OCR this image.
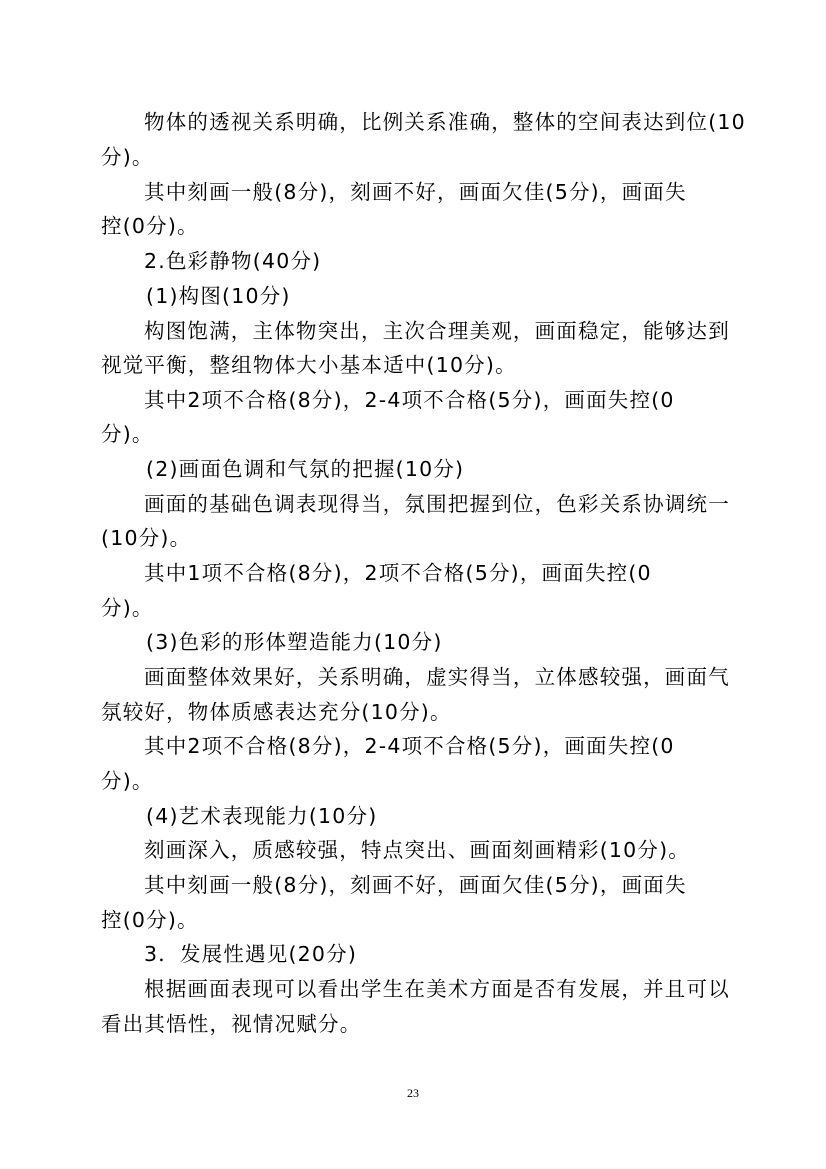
物体的透视关系明确，比例关系准确，整体的空间表达到位(10
分)。
其中刻画一般(8分)，刻画不好，画面欠佳(5分)，画面失
控(0分)。
2.色彩静物(40分)
(1)构图(10分)
构图饱满，主体物突出，主次合理美观，画面稳定，能够达到
视觉平衡，整组物体大小基本适中(10分)。
其中2项不合格(8分)，2-4项不合格(5分)，画面失控(0
分)。
(2)画面色调和气氛的把握(10分)
画面的基础色调表现得当，氛围把握到位，色彩关系协调统一
(10分)。
其中1项不合格(8分)，2项不合格(5分)，画面失控(0
分)。
(3)色彩的形体塑造能力(10分)
画面整体效果好，关系明确，虚实得当，立体感较强，画面气
氛较好，物体质感表达充分(10分)。
其中2项不合格(8分)，2-4项不合格(5分)，画面失控(0
分)。
(4)艺术表现能力(10分)
刻画深入，质感较强，特点突出、画面刻画精彩(10分)。
其中刻画一般(8分)，刻画不好，画面欠佳(5分)，画面失
控(0分)。
3．发展性遇见(20分)
根据画面表现可以看出学生在美术方面是否有发展，并且可以
看出其悟性，视情况赋分。
23
